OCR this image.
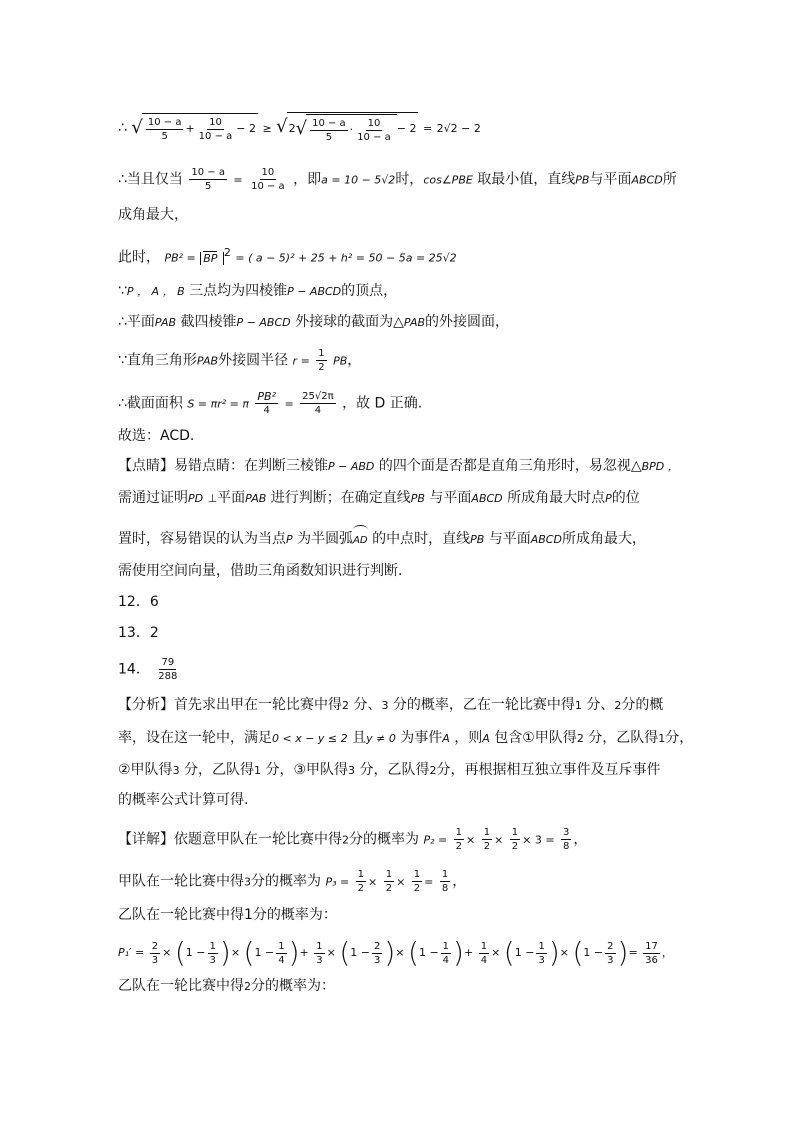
∴ √ $\frac{10 - a}{5} + \frac{10}{10 - a} - 2$ ≥ √ 2 √ $\frac{10 - a}{5} \cdot \frac{10}{10 - a} - 2 = 2√2 - 2$
∴当且仅当 $\frac{10 - a}{5} = \frac{10}{10 - a}$ ，即a = 10 − 5√2时，cos∠PBE 取最小值，直线PB与平面ABCD所
成角最大，
此时， PB² = BP $^2$ = ( a − 5)² + 25 + h² = 50 − 5a = 25√2
∵P ， A ， B 三点均为四棱锥P − ABCD的顶点，
∴平面PAB 截四棱锥P − ABCD 外接球的截面为△PAB的外接圆面，
∵直角三角形PAB外接圆半径 $r = \frac{1}{2}$ PB，
∴截面面积 S = πr² = π $\frac{\text{PB²}}{4} = \frac{25√2\pi}{4}$ ，故 D 正确.
故选：ACD.
【点睛】易错点睛：在判断三棱锥P − ABD 的四个面是否都是直角三角形时，易忽视△BPD ，
需通过证明PD ⊥平面PAB 进行判断；在确定直线PB 与平面ABCD 所成角最大时点P的位
置时，容易错误的认为当点P 为半圆弧AD 的中点时，直线PB 与平面ABCD所成角最大，
需使用空间向量，借助三角函数知识进行判断.
12．6
13．2
14． $\frac{79}{288}$
【分析】首先求出甲在一轮比赛中得2 分、3 分的概率，乙在一轮比赛中得1 分、2分的概
率，设在这一轮中，满足0 < x − y ≤ 2 且y ≠ 0 为事件A ，则A 包含①甲队得2 分，乙队得1分，
②甲队得3 分，乙队得1 分，③甲队得3 分，乙队得2分，再根据相互独立事件及互斥事件
的概率公式计算可得.
【详解】依题意甲队在一轮比赛中得2分的概率为 $P_2 = \frac{1}{2} \times \frac{1}{2} \times \frac{1}{2} \times 3 = \frac{3}{8}$ ，
甲队在一轮比赛中得3分的概率为 $P_3 = \frac{1}{2} \times \frac{1}{2} \times \frac{1}{2} = \frac{1}{8}$ ，
乙队在一轮比赛中得1分的概率为：
$P_1' = \frac{2}{3} \times (1 - \frac{1}{3}$ )× ($1 - \frac{1}{4}$ )+ $\frac{1}{3} \times (1 - \frac{2}{3}$ )× ($1 - \frac{1}{4}$ )+ $\frac{1}{4} \times (1 - \frac{1}{3}$ )× ($1 - \frac{2}{3}$ )= $\frac{17}{36}$ ，
乙队在一轮比赛中得2分的概率为：
